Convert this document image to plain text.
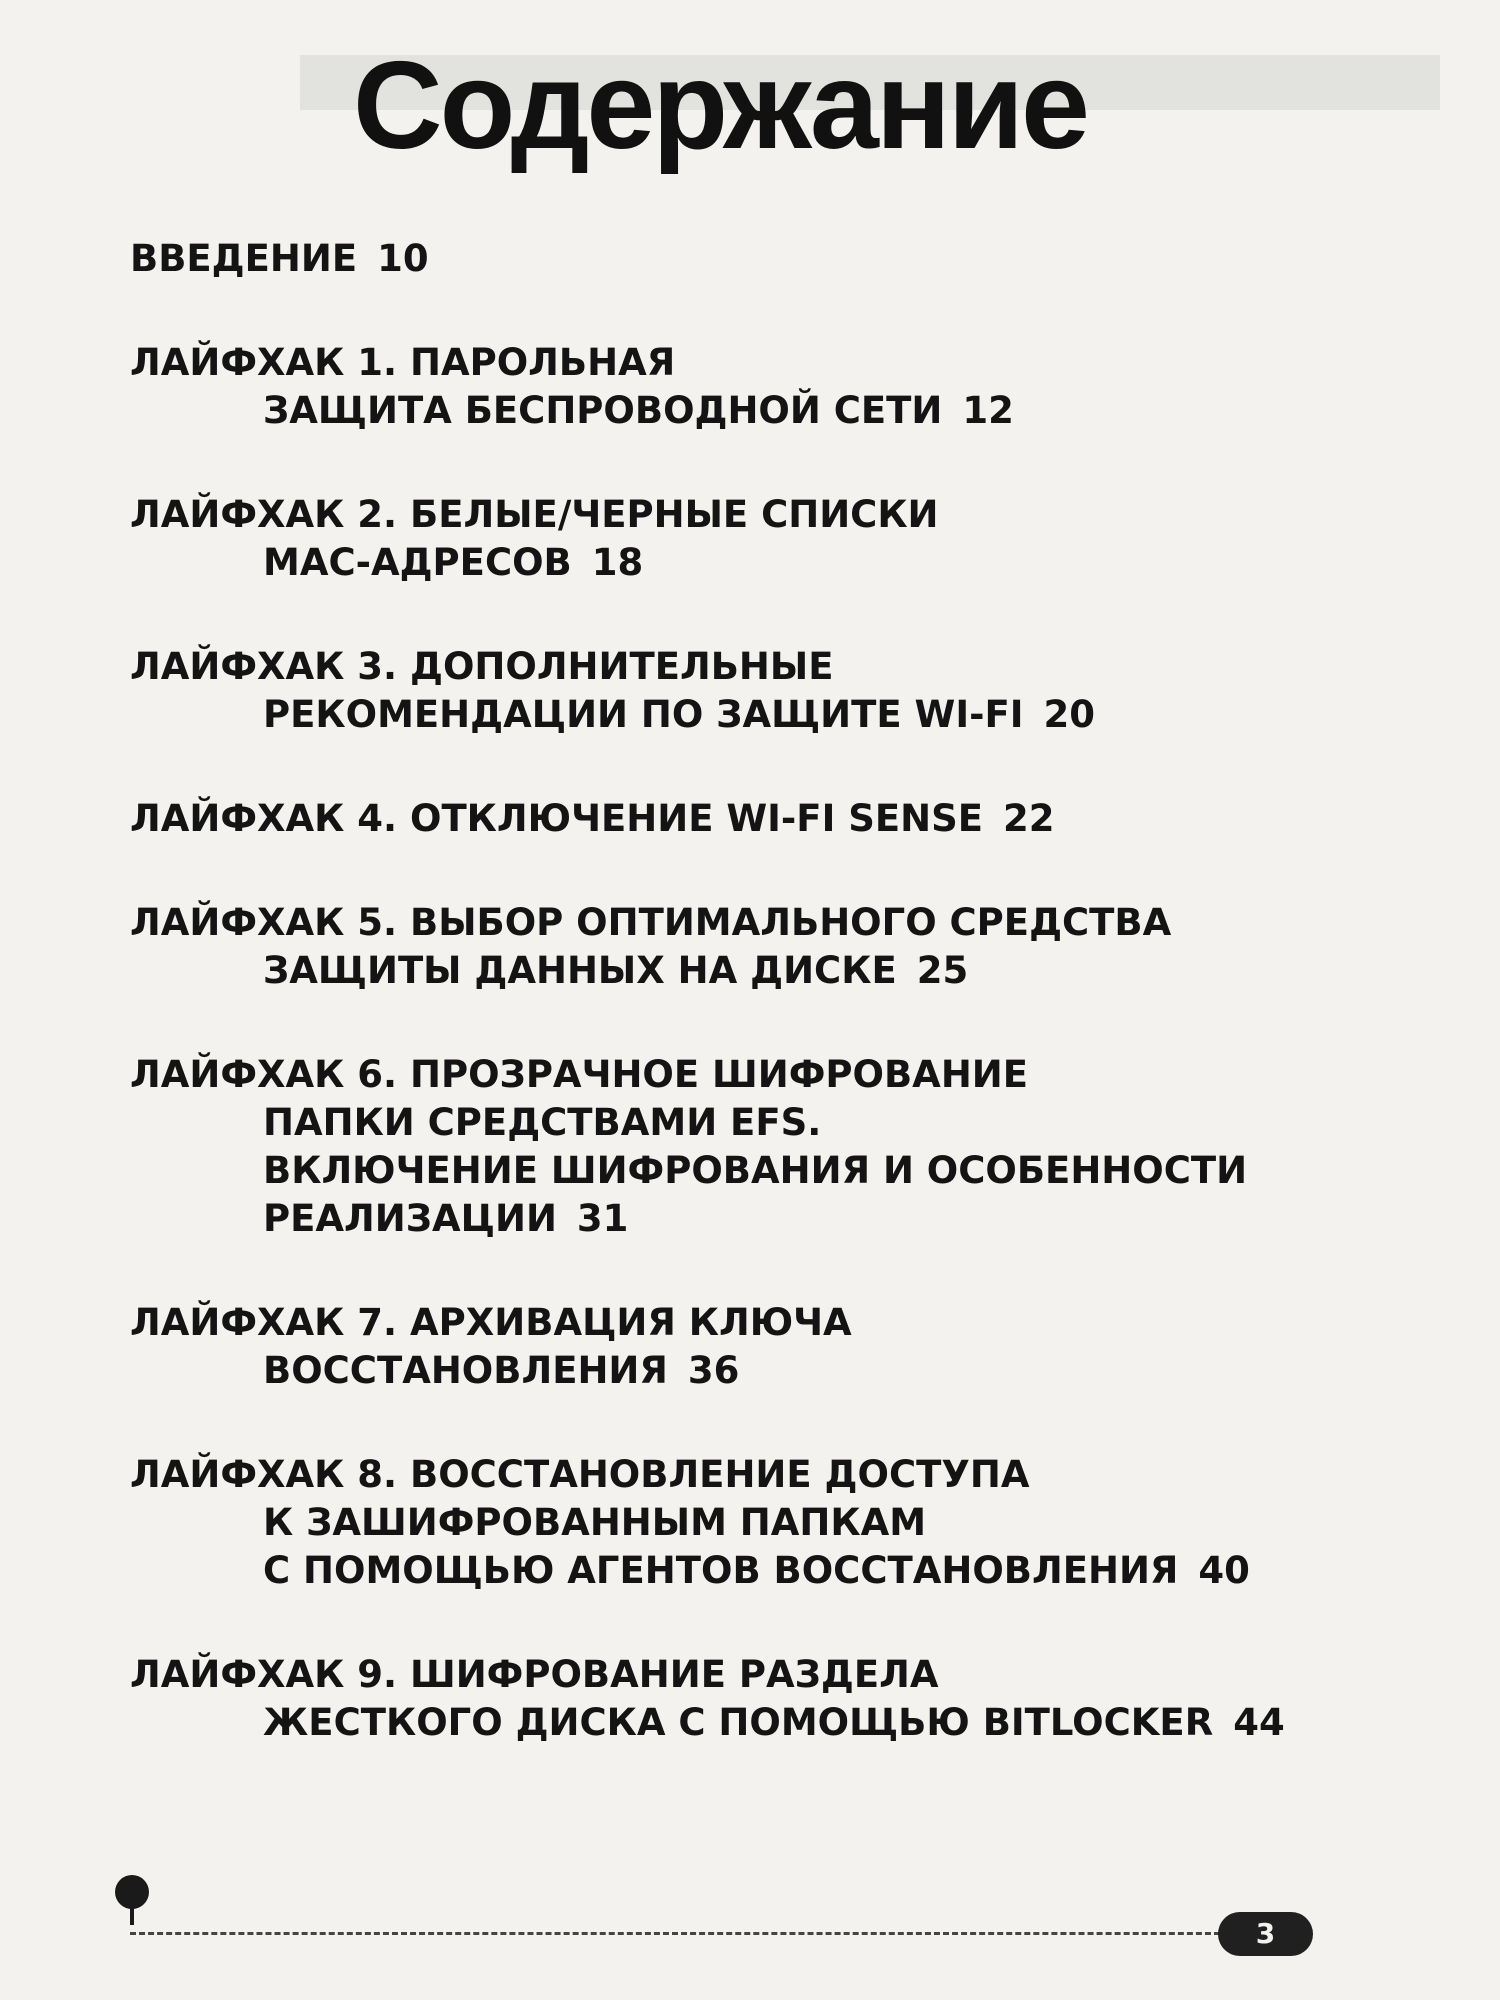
Содержание
ВВЕДЕНИЕ 10
ЛАЙФХАК 1. ПАРОЛЬНАЯ
ЗАЩИТА БЕСПРОВОДНОЙ СЕТИ 12
ЛАЙФХАК 2. БЕЛЫЕ/ЧЕРНЫЕ СПИСКИ
МАС-АДРЕСОВ 18
ЛАЙФХАК 3. ДОПОЛНИТЕЛЬНЫЕ
РЕКОМЕНДАЦИИ ПО ЗАЩИТЕ WI-FI 20
ЛАЙФХАК 4. ОТКЛЮЧЕНИЕ WI-FI SENSE 22
ЛАЙФХАК 5. ВЫБОР ОПТИМАЛЬНОГО СРЕДСТВА
ЗАЩИТЫ ДАННЫХ НА ДИСКЕ 25
ЛАЙФХАК 6. ПРОЗРАЧНОЕ ШИФРОВАНИЕ
ПАПКИ СРЕДСТВАМИ EFS.
ВКЛЮЧЕНИЕ ШИФРОВАНИЯ И ОСОБЕННОСТИ
РЕАЛИЗАЦИИ 31
ЛАЙФХАК 7. АРХИВАЦИЯ КЛЮЧА
ВОССТАНОВЛЕНИЯ 36
ЛАЙФХАК 8. ВОССТАНОВЛЕНИЕ ДОСТУПА
К ЗАШИФРОВАННЫМ ПАПКАМ
С ПОМОЩЬЮ АГЕНТОВ ВОССТАНОВЛЕНИЯ 40
ЛАЙФХАК 9. ШИФРОВАНИЕ РАЗДЕЛА
ЖЕСТКОГО ДИСКА С ПОМОЩЬЮ BITLOCKER 44
3
